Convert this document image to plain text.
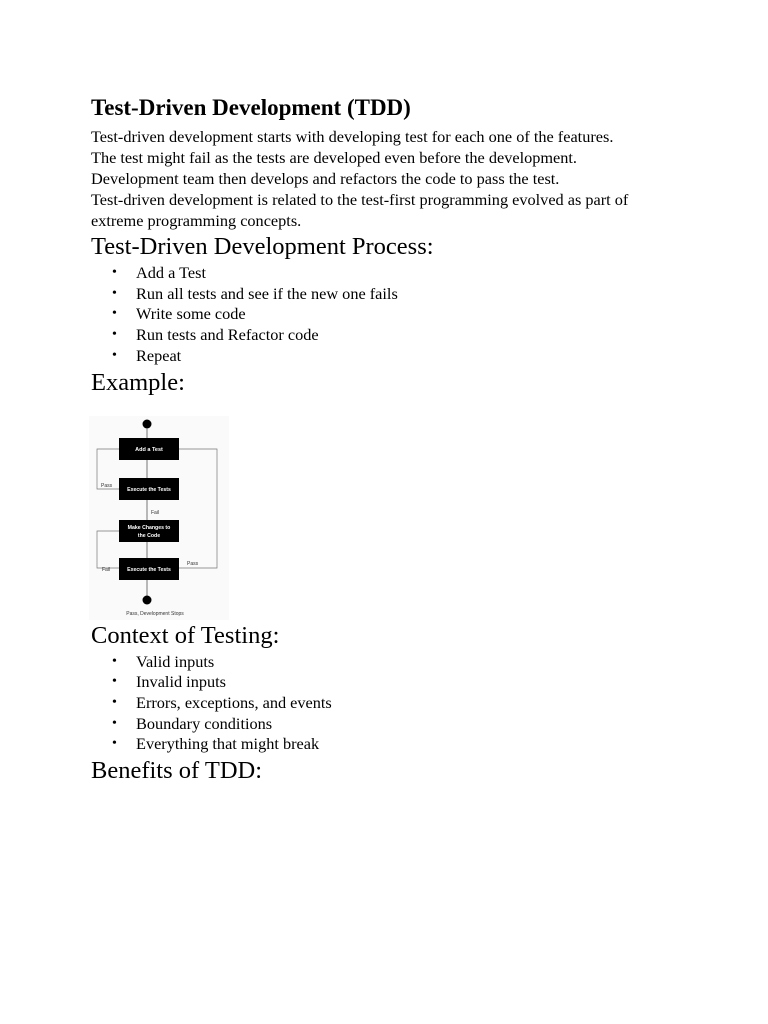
Test-Driven Development (TDD)

Test-driven development starts with developing test for each one of the features.
The test might fail as the tests are developed even before the development.
Development team then develops and refactors the code to pass the test.

Test-driven development is related to the test-first programming evolved as part of
extreme programming concepts.

Test-Driven Development Process:
• Add a Test
• Run all tests and see if the new one fails
• Write some code
• Run tests and Refactor code
• Repeat
Example:
Add a Test
Execute the Tests
Pass
Fail
Make Changes to
the Code
Execute the Tests
Fail
Pass
Pass, Development Stops
Context of Testing:
• Valid inputs
• Invalid inputs
• Errors, exceptions, and events
• Boundary conditions
• Everything that might break
Benefits of TDD:
